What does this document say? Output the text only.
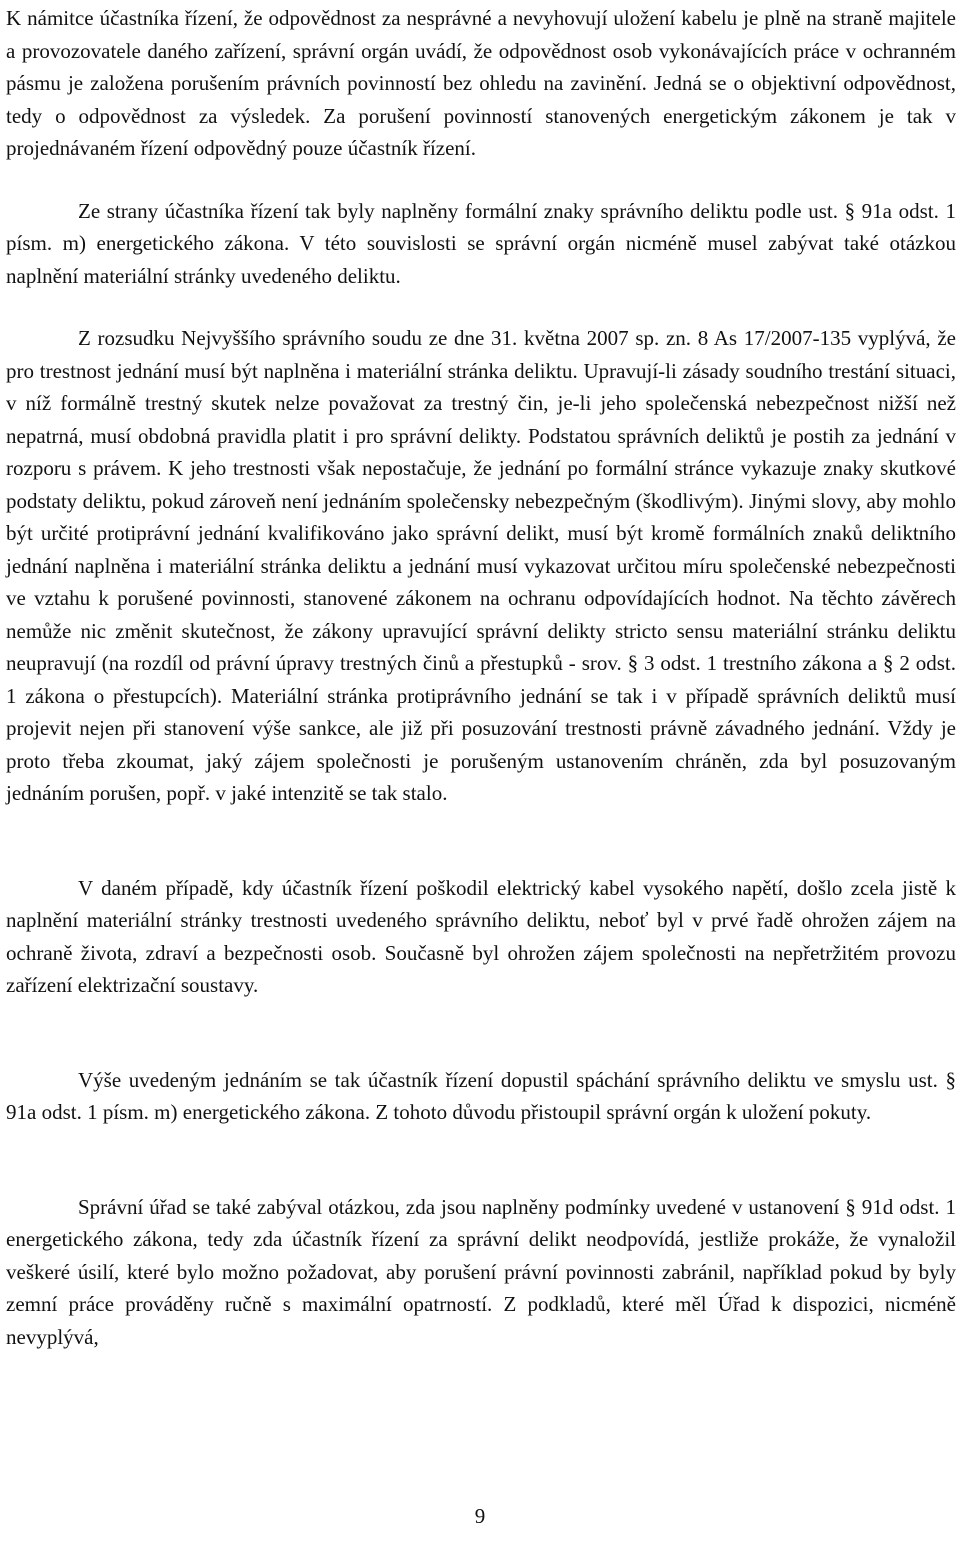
K námitce účastníka řízení, že odpovědnost za nesprávné a nevyhovují uložení kabelu je plně na straně majitele a provozovatele daného zařízení, správní orgán uvádí, že odpovědnost osob vykonávajících práce v ochranném pásmu je založena porušením právních povinností bez ohledu na zavinění. Jedná se o objektivní odpovědnost, tedy o odpovědnost za výsledek. Za porušení povinností stanovených energetickým zákonem je tak v projednávaném řízení odpovědný pouze účastník řízení.

Ze strany účastníka řízení tak byly naplněny formální znaky správního deliktu podle ust. § 91a odst. 1 písm. m) energetického zákona. V této souvislosti se správní orgán nicméně musel zabývat také otázkou naplnění materiální stránky uvedeného deliktu.

Z rozsudku Nejvyššího správního soudu ze dne 31. května 2007 sp. zn. 8 As 17/2007-135 vyplývá, že pro trestnost jednání musí být naplněna i materiální stránka deliktu. Upravují-li zásady soudního trestání situaci, v níž formálně trestný skutek nelze považovat za trestný čin, je-li jeho společenská nebezpečnost nižší než nepatrná, musí obdobná pravidla platit i pro správní delikty. Podstatou správních deliktů je postih za jednání v rozporu s právem. K jeho trestnosti však nepostačuje, že jednání po formální stránce vykazuje znaky skutkové podstaty deliktu, pokud zároveň není jednáním společensky nebezpečným (škodlivým). Jinými slovy, aby mohlo být určité protiprávní jednání kvalifikováno jako správní delikt, musí být kromě formálních znaků deliktního jednání naplněna i materiální stránka deliktu a jednání musí vykazovat určitou míru společenské nebezpečnosti ve vztahu k porušené povinnosti, stanovené zákonem na ochranu odpovídajících hodnot. Na těchto závěrech nemůže nic změnit skutečnost, že zákony upravující správní delikty stricto sensu materiální stránku deliktu neupravují (na rozdíl od právní úpravy trestných činů a přestupků - srov. § 3 odst. 1 trestního zákona a § 2 odst. 1 zákona o přestupcích). Materiální stránka protiprávního jednání se tak i v případě správních deliktů musí projevit nejen při stanovení výše sankce, ale již při posuzování trestnosti právně závadného jednání. Vždy je proto třeba zkoumat, jaký zájem společnosti je porušeným ustanovením chráněn, zda byl posuzovaným jednáním porušen, popř. v jaké intenzitě se tak stalo.

V daném případě, kdy účastník řízení poškodil elektrický kabel vysokého napětí, došlo zcela jistě k naplnění materiální stránky trestnosti uvedeného správního deliktu, neboť byl v prvé řadě ohrožen zájem na ochraně života, zdraví a bezpečnosti osob. Současně byl ohrožen zájem společnosti na nepřetržitém provozu zařízení elektrizační soustavy.

Výše uvedeným jednáním se tak účastník řízení dopustil spáchání správního deliktu ve smyslu ust. § 91a odst. 1 písm. m) energetického zákona. Z tohoto důvodu přistoupil správní orgán k uložení pokuty.

Správní úřad se také zabýval otázkou, zda jsou naplněny podmínky uvedené v ustanovení § 91d odst. 1 energetického zákona, tedy zda účastník řízení za správní delikt neodpovídá, jestliže prokáže, že vynaložil veškeré úsilí, které bylo možno požadovat, aby porušení právní povinnosti zabránil, například pokud by byly zemní práce prováděny ručně s maximální opatrností. Z podkladů, které měl Úřad k dispozici, nicméně nevyplývá,

9
